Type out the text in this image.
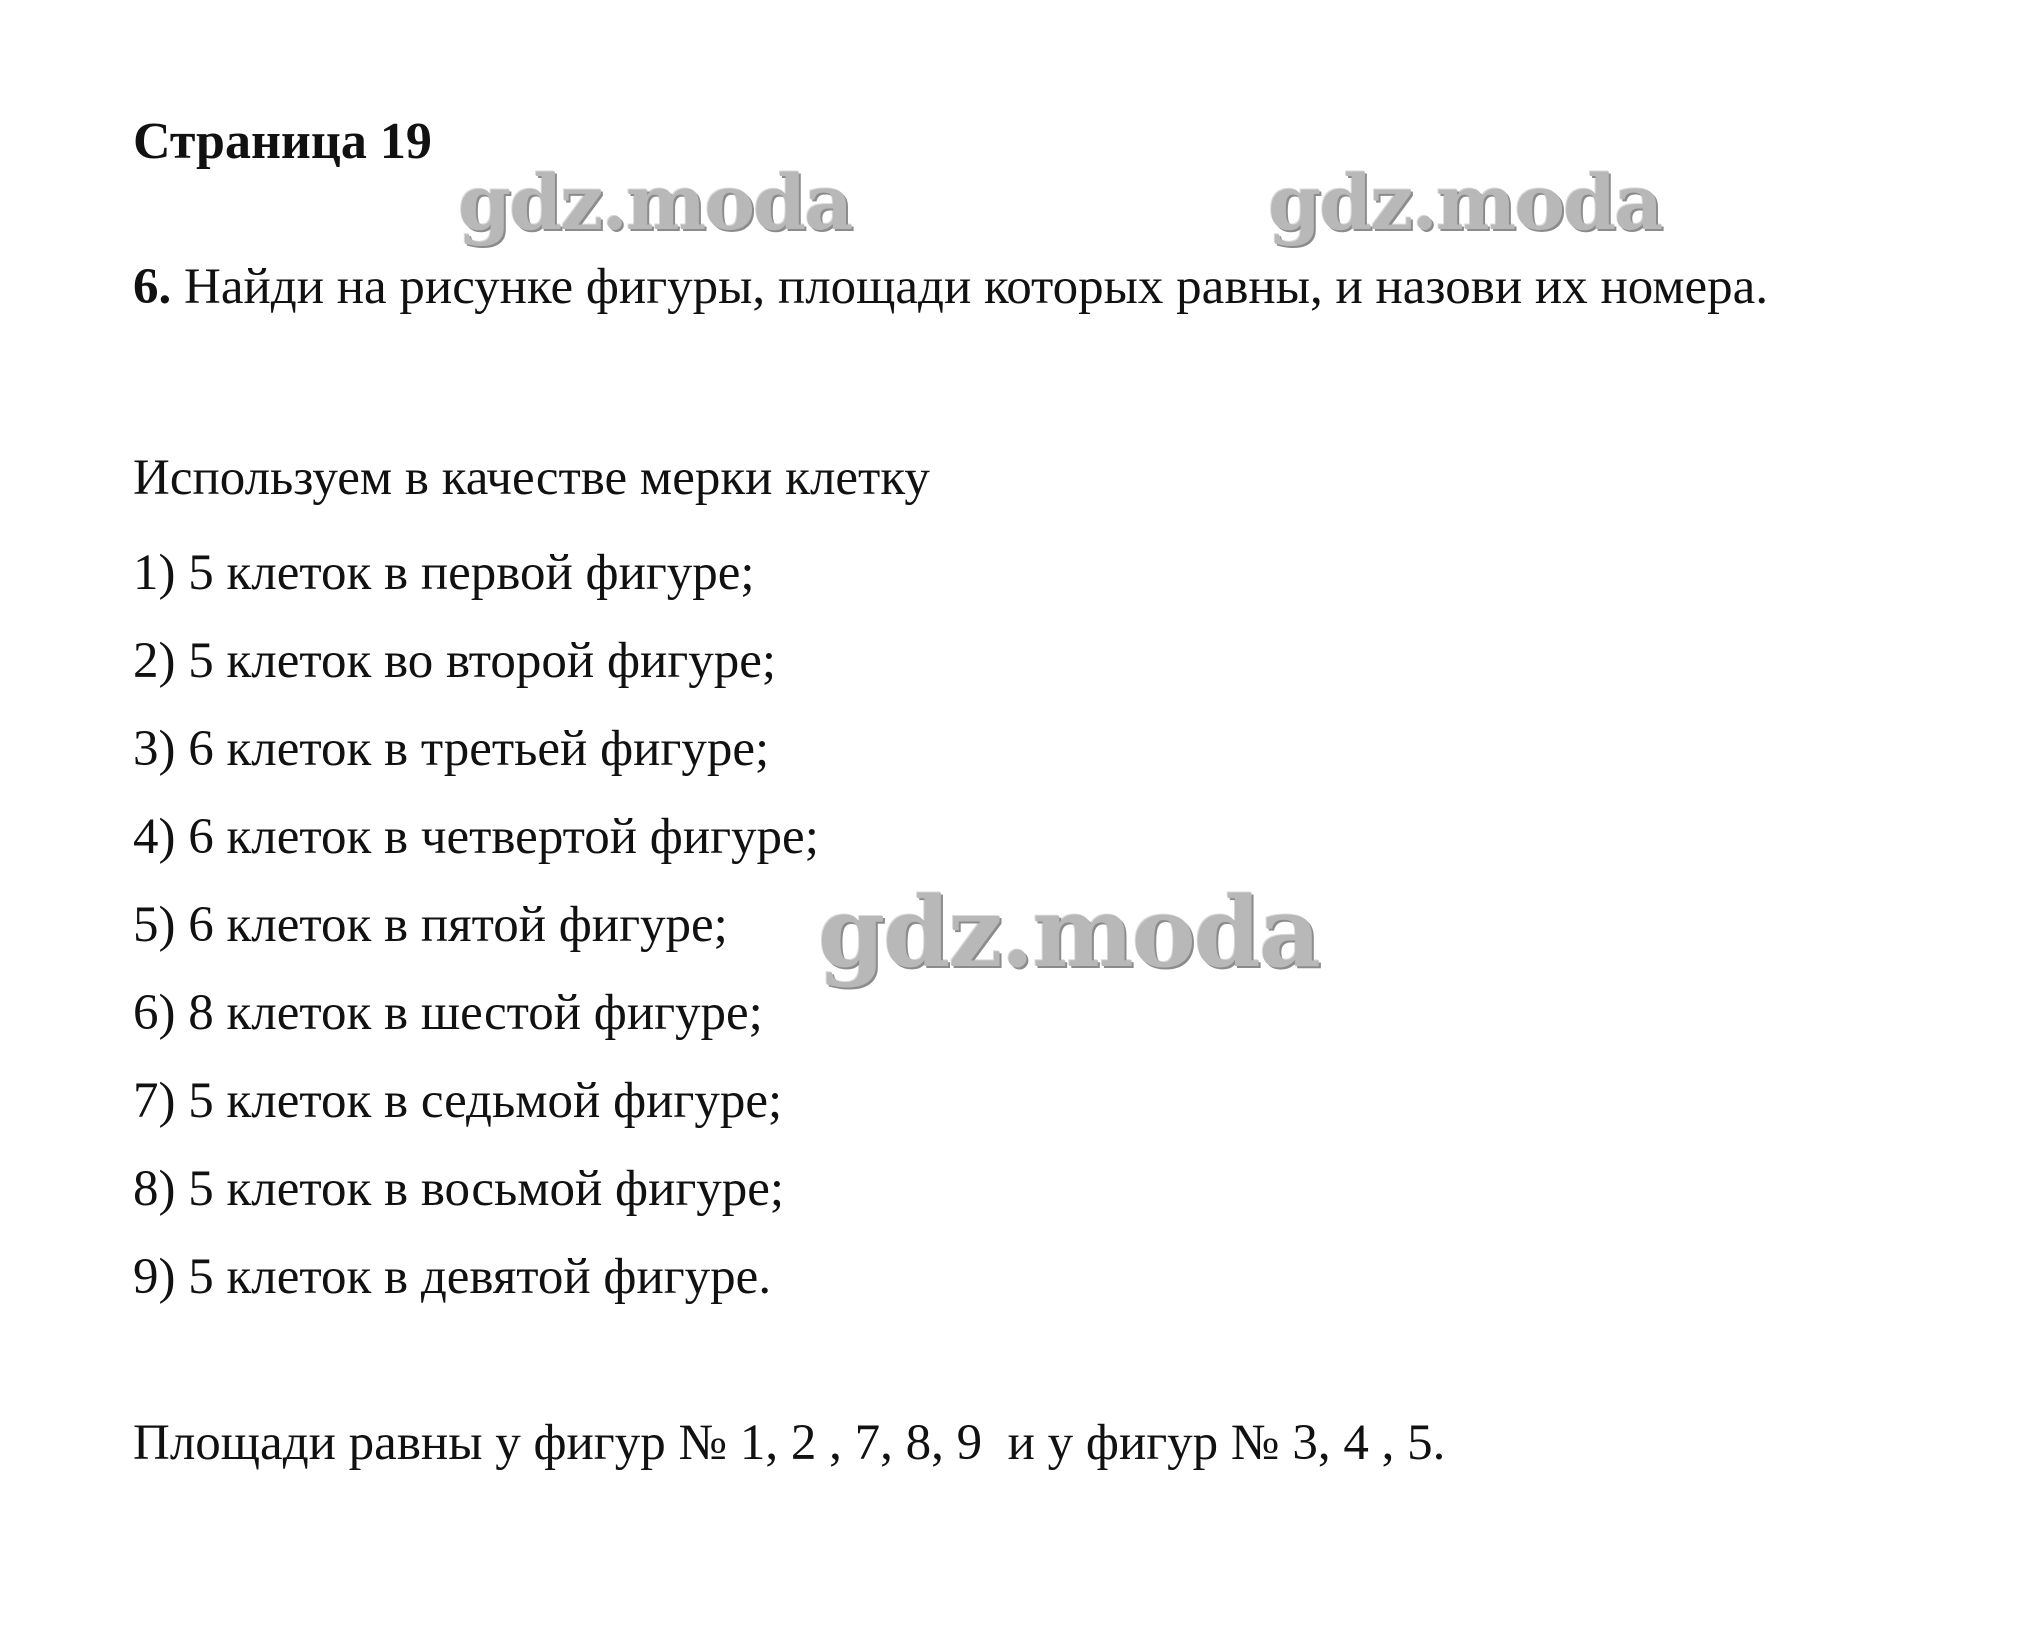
Страница 19
gdz.moda	gdz.moda
6. Найди на рисунке фигуры, площади которых равны, и назови их номера.
Используем в качестве мерки клетку
1) 5 клеток в первой фигуре;
2) 5 клеток во второй фигуре;
3) 6 клеток в третьей фигуре;
4) 6 клеток в четвертой фигуре;
5) 6 клеток в пятой фигуре;
6) 8 клеток в шестой фигуре;
7) 5 клеток в седьмой фигуре;
8) 5 клеток в восьмой фигуре;
9) 5 клеток в девятой фигуре.
gdz.moda
Площади равны у фигур № 1, 2 , 7, 8, 9  и у фигур № 3, 4 , 5.
